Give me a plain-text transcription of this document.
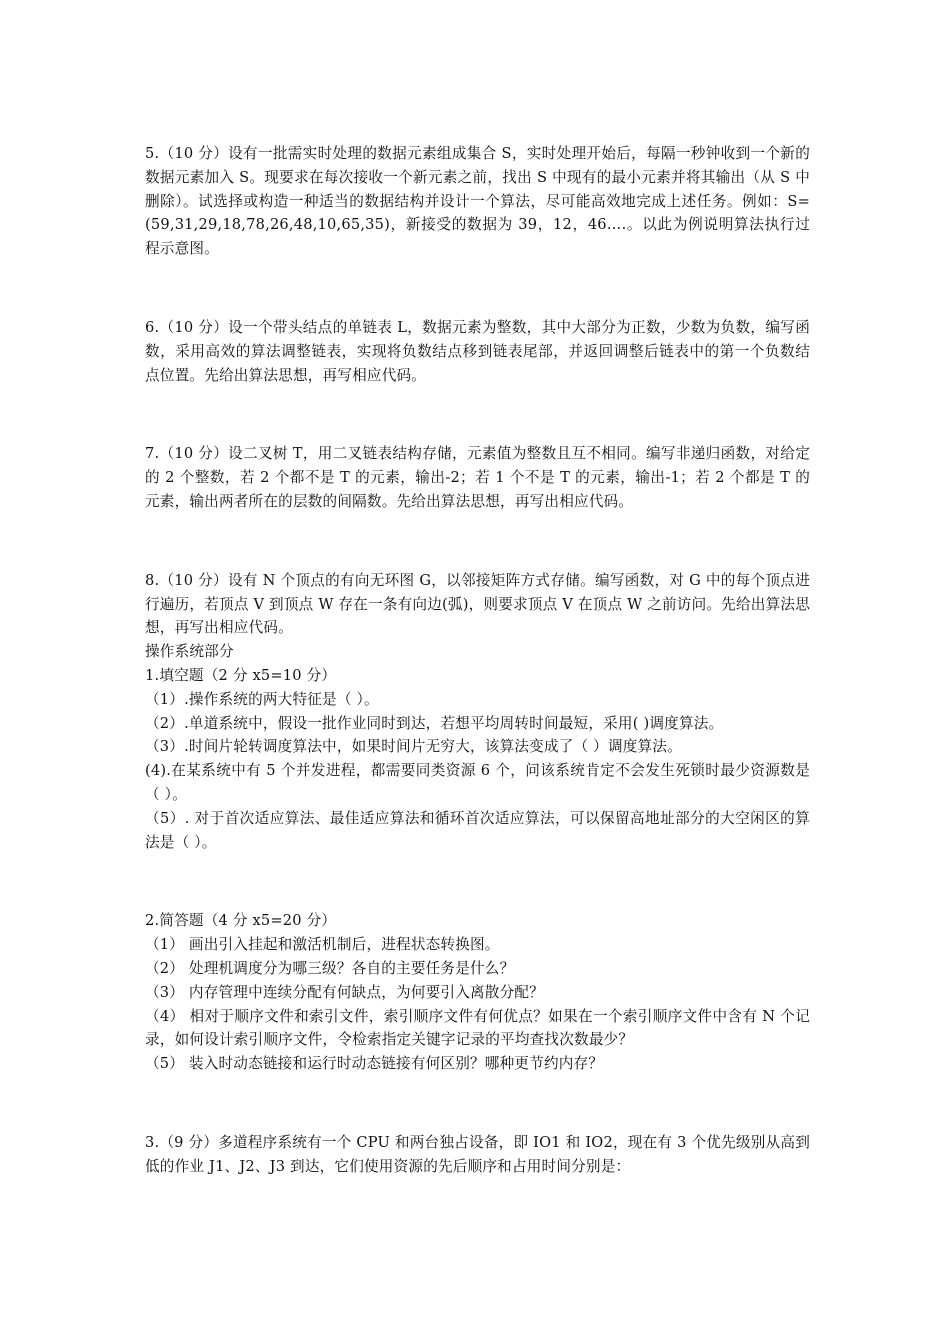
5.（10 分）设有一批需实时处理的数据元素组成集合 S，实时处理开始后，每隔一秒钟收到一个新的数据元素加入 S。现要求在每次接收一个新元素之前，找出 S 中现有的最小元素并将其输出（从 S 中删除）。试选择或构造一种适当的数据结构并设计一个算法，尽可能高效地完成上述任务。例如：S=(59,31,29,18,78,26,48,10,65,35)，新接受的数据为 39，12，46….。以此为例说明算法执行过程示意图。

6.（10 分）设一个带头结点的单链表 L，数据元素为整数，其中大部分为正数，少数为负数，编写函数，采用高效的算法调整链表，实现将负数结点移到链表尾部，并返回调整后链表中的第一个负数结点位置。先给出算法思想，再写相应代码。

7.（10 分）设二叉树 T，用二叉链表结构存储，元素值为整数且互不相同。编写非递归函数，对给定的 2 个整数，若 2 个都不是 T 的元素，输出-2；若 1 个不是 T 的元素，输出-1；若 2 个都是 T 的元素，输出两者所在的层数的间隔数。先给出算法思想，再写出相应代码。

8.（10 分）设有 N 个顶点的有向无环图 G，以邻接矩阵方式存储。编写函数，对 G 中的每个顶点进行遍历，若顶点 V 到顶点 W 存在一条有向边(弧)，则要求顶点 V 在顶点 W 之前访问。先给出算法思想，再写出相应代码。

操作系统部分

1.填空题（2 分 x5=10 分）

（1）.操作系统的两大特征是（ ）。

（2）.单道系统中，假设一批作业同时到达，若想平均周转时间最短，采用( )调度算法。

（3）.时间片轮转调度算法中，如果时间片无穷大，该算法变成了（ ）调度算法。

(4).在某系统中有 5 个并发进程，都需要同类资源 6 个，问该系统肯定不会发生死锁时最少资源数是（ ）。

（5）. 对于首次适应算法、最佳适应算法和循环首次适应算法，可以保留高地址部分的大空闲区的算法是（ ）。

2.简答题（4 分 x5=20 分）

（1） 画出引入挂起和激活机制后，进程状态转换图。

（2） 处理机调度分为哪三级？各自的主要任务是什么？

（3） 内存管理中连续分配有何缺点，为何要引入离散分配？

（4） 相对于顺序文件和索引文件，索引顺序文件有何优点？如果在一个索引顺序文件中含有 N 个记录，如何设计索引顺序文件，令检索指定关键字记录的平均查找次数最少？

（5） 装入时动态链接和运行时动态链接有何区别？哪种更节约内存？

3.（9 分）多道程序系统有一个 CPU 和两台独占设备，即 IO1 和 IO2，现在有 3 个优先级别从高到低的作业 J1、J2、J3 到达，它们使用资源的先后顺序和占用时间分别是：
